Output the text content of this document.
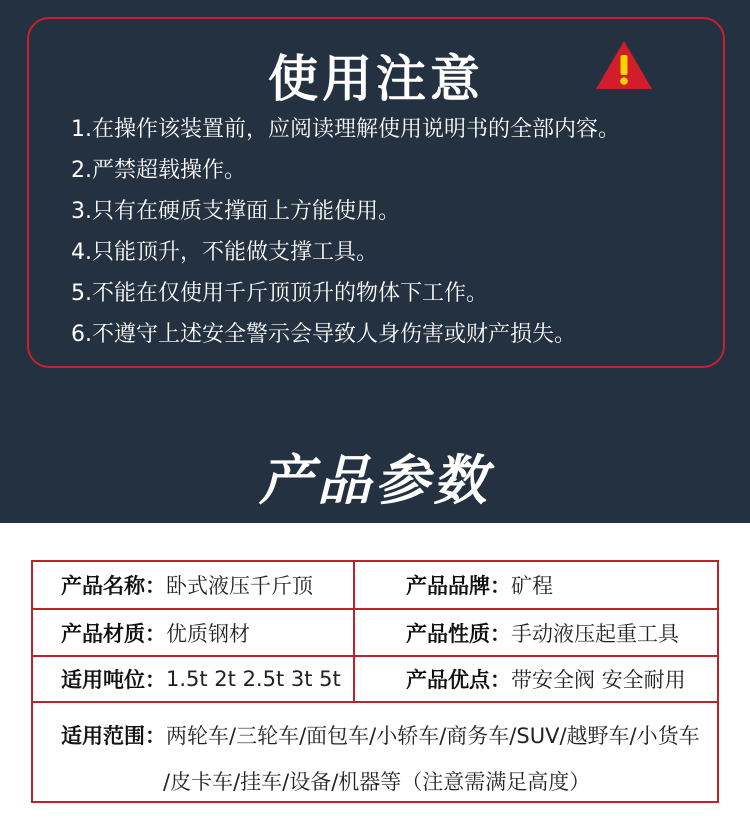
使用注意
1.在操作该装置前，应阅读理解使用说明书的全部内容。
2.严禁超载操作。
3.只有在硬质支撑面上方能使用。
4.只能顶升，不能做支撑工具。
5.不能在仅使用千斤顶顶升的物体下工作。
6.不遵守上述安全警示会导致人身伤害或财产损失。
产品参数
产品名称： 卧式液压千斤顶	产品品牌： 矿程
产品材质： 优质钢材	产品性质： 手动液压起重工具
适用吨位： 1.5t 2t 2.5t 3t 5t	产品优点： 带安全阀 安全耐用
适用范围：两轮车/三轮车/面包车/小轿车/商务车/SUV/越野车/小货车
/皮卡车/挂车/设备/机器等（注意需满足高度）
